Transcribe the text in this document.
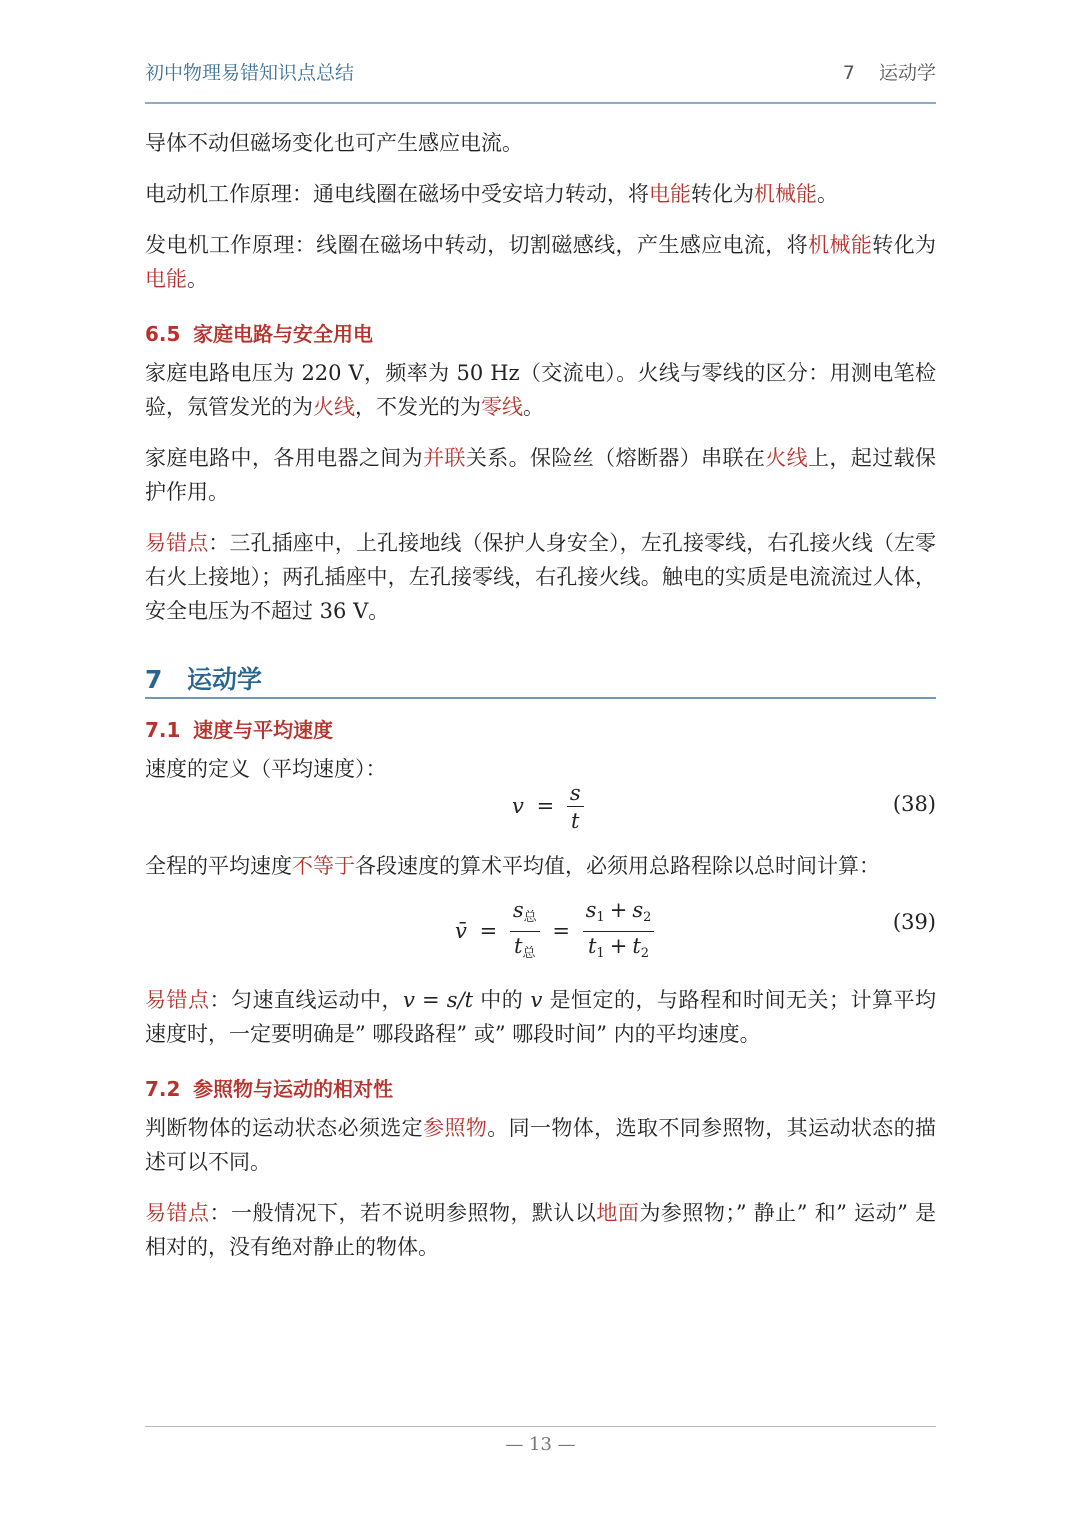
初中物理易错知识点总结	7 运动学

导体不动但磁场变化也可产生感应电流。

电动机工作原理：通电线圈在磁场中受安培力转动，将电能转化为机械能。

发电机工作原理：线圈在磁场中转动，切割磁感线，产生感应电流，将机械能转化为电能。

6.5 家庭电路与安全用电

家庭电路电压为 220 V，频率为 50 Hz（交流电）。火线与零线的区分：用测电笔检验，氖管发光的为火线，不发光的为零线。

家庭电路中，各用电器之间为并联关系。保险丝（熔断器）串联在火线上，起过载保护作用。

易错点：三孔插座中，上孔接地线（保护人身安全），左孔接零线，右孔接火线（左零右火上接地）；两孔插座中，左孔接零线，右孔接火线。触电的实质是电流流过人体，安全电压为不超过 36 V。

7 运动学
7.1 速度与平均速度

速度的定义（平均速度）：

$v = \frac{s}{t}$	(38)

全程的平均速度不等于各段速度的算术平均值，必须用总路程除以总时间计算：

v̄ = $\frac{s_总}{t_总} = \frac{s_1 + s_2}{t_1 + t_2}$	(39)

易错点：匀速直线运动中，v = s/t 中的 v 是恒定的，与路程和时间无关；计算平均速度时，一定要明确是” 哪段路程” 或” 哪段时间” 内的平均速度。

7.2 参照物与运动的相对性

判断物体的运动状态必须选定参照物。同一物体，选取不同参照物，其运动状态的描述可以不同。

易错点：一般情况下，若不说明参照物，默认以地面为参照物；” 静止” 和” 运动” 是相对的，没有绝对静止的物体。

— 13 —
